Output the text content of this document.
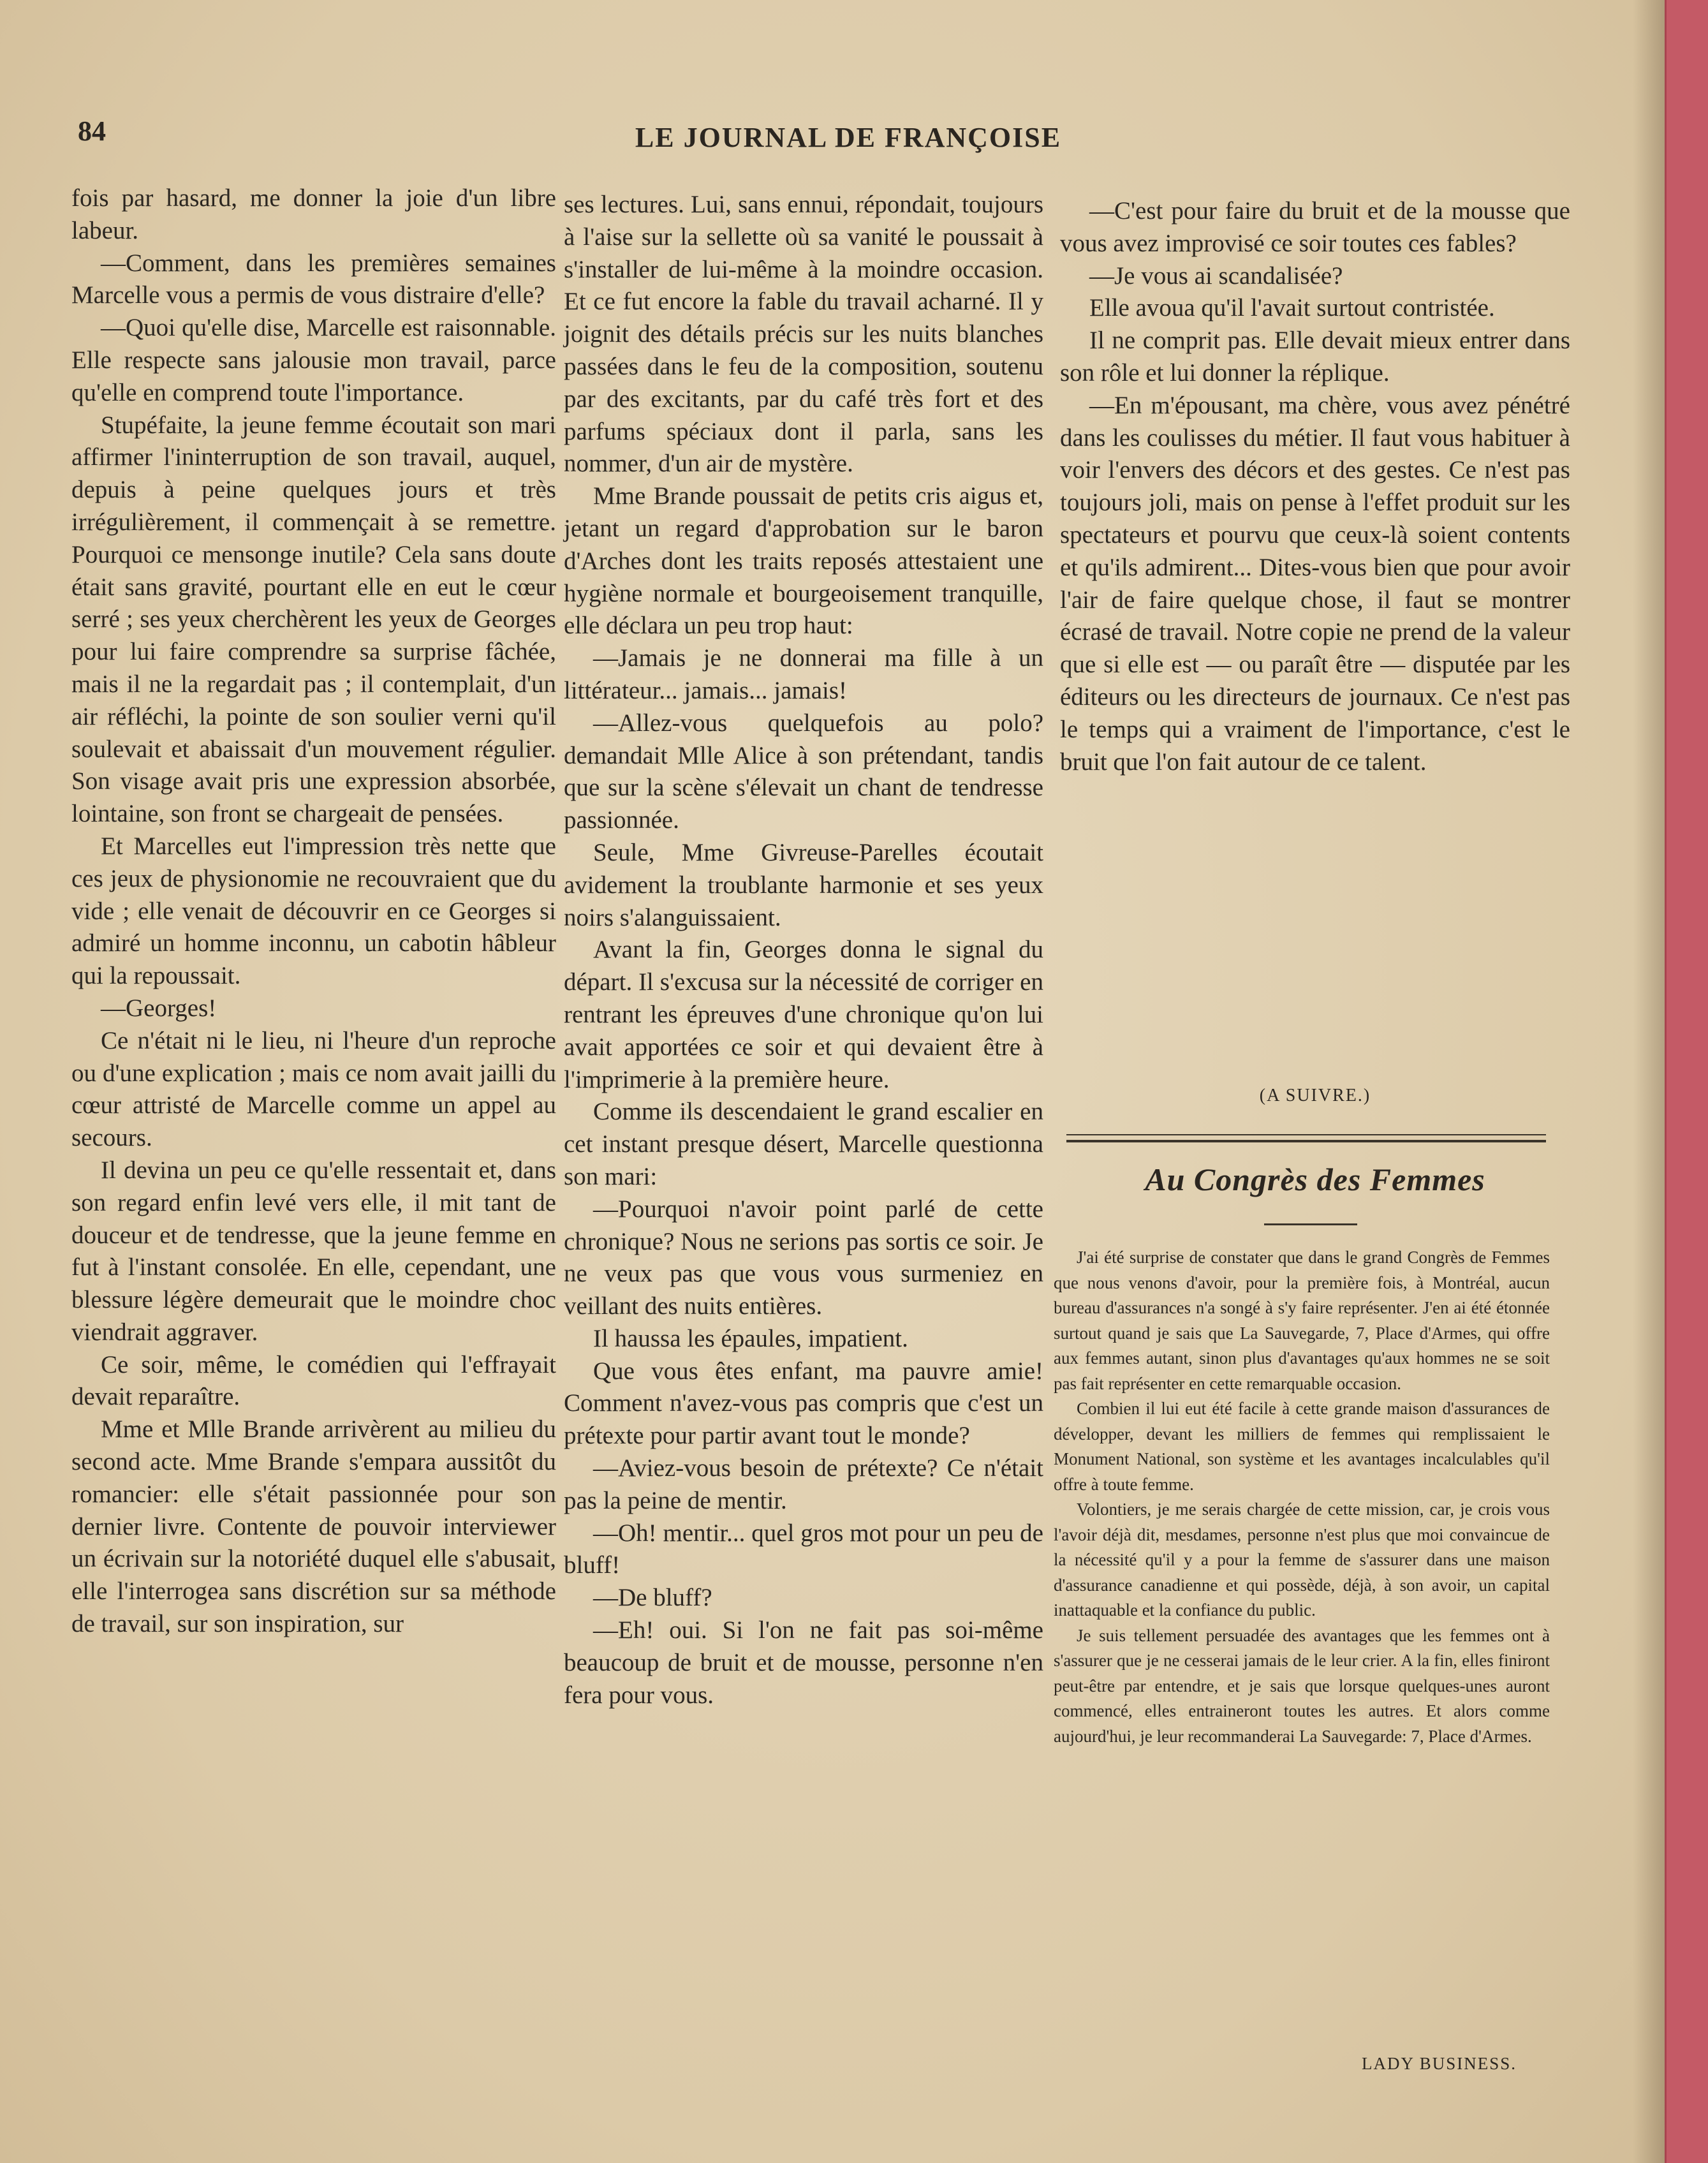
84	LE JOURNAL DE FRANÇOISE

fois par hasard, me donner la joie d'un libre labeur.

—Comment, dans les premières semaines Marcelle vous a permis de vous distraire d'elle?

—Quoi qu'elle dise, Marcelle est raisonnable. Elle respecte sans jalousie mon travail, parce qu'elle en comprend toute l'importance.

Stupéfaite, la jeune femme écoutait son mari affirmer l'ininterruption de son travail, auquel, depuis à peine quelques jours et très irrégulièrement, il commençait à se remettre. Pourquoi ce mensonge inutile? Cela sans doute était sans gravité, pourtant elle en eut le cœur serré ; ses yeux cherchèrent les yeux de Georges pour lui faire comprendre sa surprise fâchée, mais il ne la regardait pas ; il contemplait, d'un air réfléchi, la pointe de son soulier verni qu'il soulevait et abaissait d'un mouvement régulier. Son visage avait pris une expression absorbée, lointaine, son front se chargeait de pensées.

Et Marcelles eut l'impression très nette que ces jeux de physionomie ne recouvraient que du vide ; elle venait de découvrir en ce Georges si admiré un homme inconnu, un cabotin hâbleur qui la repoussait.

—Georges!

Ce n'était ni le lieu, ni l'heure d'un reproche ou d'une explication ; mais ce nom avait jailli du cœur attristé de Marcelle comme un appel au secours.

Il devina un peu ce qu'elle ressentait et, dans son regard enfin levé vers elle, il mit tant de douceur et de tendresse, que la jeune femme en fut à l'instant consolée. En elle, cependant, une blessure légère demeurait que le moindre choc viendrait aggraver.

Ce soir, même, le comédien qui l'effrayait devait reparaître.

Mme et Mlle Brande arrivèrent au milieu du second acte. Mme Brande s'empara aussitôt du romancier: elle s'était passionnée pour son dernier livre. Contente de pouvoir interviewer un écrivain sur la notoriété duquel elle s'abusait, elle l'interrogea sans discrétion sur sa méthode de travail, sur son inspiration, sur

ses lectures. Lui, sans ennui, répondait, toujours à l'aise sur la sellette où sa vanité le poussait à s'installer de lui-même à la moindre occasion. Et ce fut encore la fable du travail acharné. Il y joignit des détails précis sur les nuits blanches passées dans le feu de la composition, soutenu par des excitants, par du café très fort et des parfums spéciaux dont il parla, sans les nommer, d'un air de mystère.

Mme Brande poussait de petits cris aigus et, jetant un regard d'approbation sur le baron d'Arches dont les traits reposés attestaient une hygiène normale et bourgeoisement tranquille, elle déclara un peu trop haut:

—Jamais je ne donnerai ma fille à un littérateur... jamais... jamais!

—Allez-vous quelquefois au polo? demandait Mlle Alice à son prétendant, tandis que sur la scène s'élevait un chant de tendresse passionnée.

Seule, Mme Givreuse-Parelles écoutait avidement la troublante harmonie et ses yeux noirs s'alanguissaient.

Avant la fin, Georges donna le signal du départ. Il s'excusa sur la nécessité de corriger en rentrant les épreuves d'une chronique qu'on lui avait apportées ce soir et qui devaient être à l'imprimerie à la première heure.

Comme ils descendaient le grand escalier en cet instant presque désert, Marcelle questionna son mari:

—Pourquoi n'avoir point parlé de cette chronique? Nous ne serions pas sortis ce soir. Je ne veux pas que vous vous surmeniez en veillant des nuits entières.

Il haussa les épaules, impatient.

Que vous êtes enfant, ma pauvre amie! Comment n'avez-vous pas compris que c'est un prétexte pour partir avant tout le monde?

—Aviez-vous besoin de prétexte? Ce n'était pas la peine de mentir.

—Oh! mentir... quel gros mot pour un peu de bluff!

—De bluff?

—Eh! oui. Si l'on ne fait pas soi-même beaucoup de bruit et de mousse, personne n'en fera pour vous.

—C'est pour faire du bruit et de la mousse que vous avez improvisé ce soir toutes ces fables?

—Je vous ai scandalisée?

Elle avoua qu'il l'avait surtout contristée.

Il ne comprit pas. Elle devait mieux entrer dans son rôle et lui donner la réplique.

—En m'épousant, ma chère, vous avez pénétré dans les coulisses du métier. Il faut vous habituer à voir l'envers des décors et des gestes. Ce n'est pas toujours joli, mais on pense à l'effet produit sur les spectateurs et pourvu que ceux-là soient contents et qu'ils admirent... Dites-vous bien que pour avoir l'air de faire quelque chose, il faut se montrer écrasé de travail. Notre copie ne prend de la valeur que si elle est — ou paraît être — disputée par les éditeurs ou les directeurs de journaux. Ce n'est pas le temps qui a vraiment de l'importance, c'est le bruit que l'on fait autour de ce talent.

(A SUIVRE.)
Au Congrès des Femmes

J'ai été surprise de constater que dans le grand Congrès de Femmes que nous venons d'avoir, pour la première fois, à Montréal, aucun bureau d'assurances n'a songé à s'y faire représenter. J'en ai été étonnée surtout quand je sais que La Sauvegarde, 7, Place d'Armes, qui offre aux femmes autant, sinon plus d'avantages qu'aux hommes ne se soit pas fait représenter en cette remarquable occasion.

Combien il lui eut été facile à cette grande maison d'assurances de développer, devant les milliers de femmes qui remplissaient le Monument National, son système et les avantages incalculables qu'il offre à toute femme.

Volontiers, je me serais chargée de cette mission, car, je crois vous l'avoir déjà dit, mesdames, personne n'est plus que moi convaincue de la nécessité qu'il y a pour la femme de s'assurer dans une maison d'assurance canadienne et qui possède, déjà, à son avoir, un capital inattaquable et la confiance du public.

Je suis tellement persuadée des avantages que les femmes ont à s'assurer que je ne cesserai jamais de le leur crier. A la fin, elles finiront peut-être par entendre, et je sais que lorsque quelques-unes auront commencé, elles entraineront toutes les autres. Et alors comme aujourd'hui, je leur recommanderai La Sauvegarde: 7, Place d'Armes.

LADY BUSINESS.
